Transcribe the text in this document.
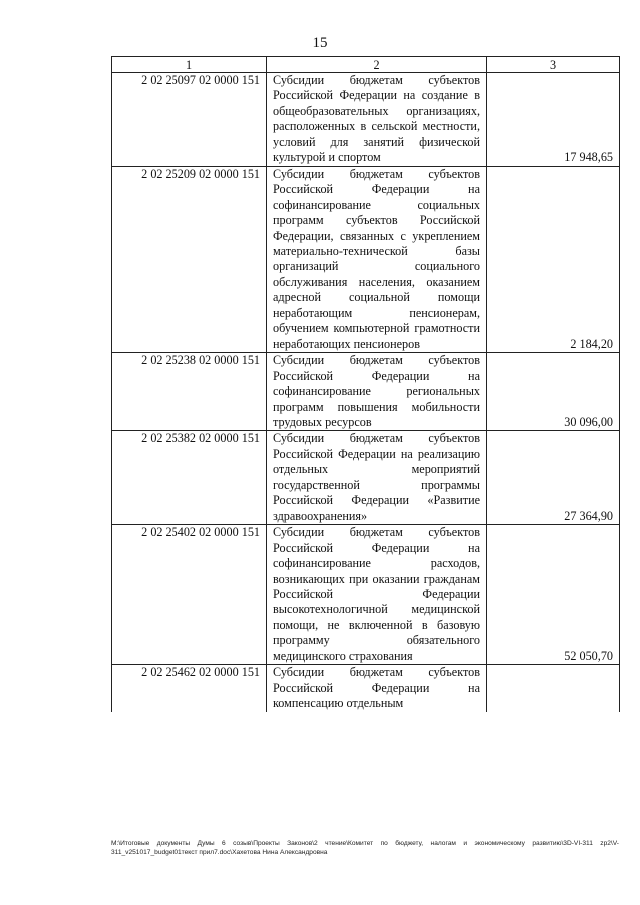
15
1	2	3
2 02 25097 02 0000 151	Субсидии бюджетам субъектов Российской Федерации на создание в общеобразовательных организациях, расположенных в сельской местности, условий для занятий физической культурой и спортом	17 948,65
2 02 25209 02 0000 151	Субсидии бюджетам субъектов Российской Федерации на софинансирование социальных программ субъектов Российской Федерации, связанных с укреплением материально-технической базы организаций социального обслуживания населения, оказанием адресной социальной помощи неработающим пенсионерам, обучением компьютерной грамотности неработающих пенсионеров	2 184,20
2 02 25238 02 0000 151	Субсидии бюджетам субъектов Российской Федерации на софинансирование региональных программ повышения мобильности трудовых ресурсов	30 096,00
2 02 25382 02 0000 151	Субсидии бюджетам субъектов Российской Федерации на реализацию отдельных мероприятий государственной программы Российской Федерации «Развитие здравоохранения»	27 364,90
2 02 25402 02 0000 151	Субсидии бюджетам субъектов Российской Федерации на софинансирование расходов, возникающих при оказании гражданам Российской Федерации высокотехнологичной медицинской помощи, не включенной в базовую программу обязательного медицинского страхования	52 050,70
2 02 25462 02 0000 151	Субсидии бюджетам субъектов Российской Федерации на компенсацию отдельным	
M:\Итоговые документы Думы 6 созыв\Проекты Законов\2 чтение\Комитет по бюджету, налогам и экономическому развитию\3D-VI-311 zp2\V-311_v251017_budget01текст прил7.doc\Хахетова Нина Александровна
